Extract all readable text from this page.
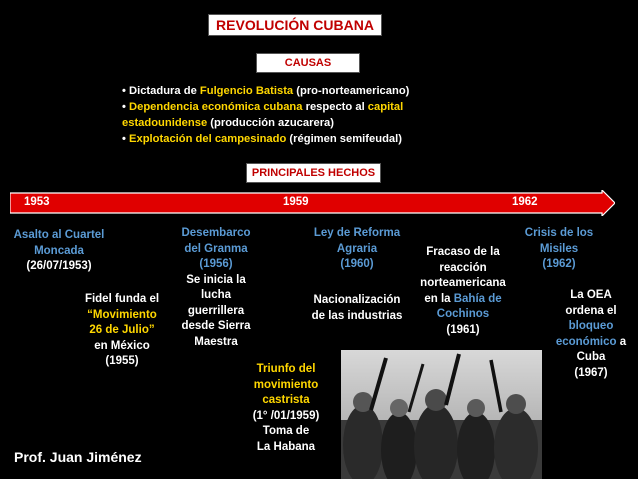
REVOLUCIÓN CUBANA
CAUSAS
• Dictadura de Fulgencio Batista (pro-norteamericano)
• Dependencia económica cubana respecto al capital
estadounidense (producción azucarera)
• Explotación del campesinado (régimen semifeudal)
PRINCIPALES HECHOS
1953	1959	1962
Asalto al Cuartel
Moncada
(26/07/1953)
Fidel funda el
“Movimiento
26 de Julio”
en México
(1955)
Desembarco
del Granma
(1956)
Se inicia la
lucha
guerrillera
desde Sierra
Maestra
Triunfo del
movimiento
castrista
(1° /01/1959)
Toma de
La Habana
Ley de Reforma
Agraria
(1960)
Nacionalización
de las industrias
Fracaso de la
reacción
norteamericana
en la Bahía de
Cochinos
(1961)
Crisis de los
Misiles
(1962)
La OEA
ordena el
bloqueo
económico a
Cuba
(1967)
Prof. Juan Jiménez
